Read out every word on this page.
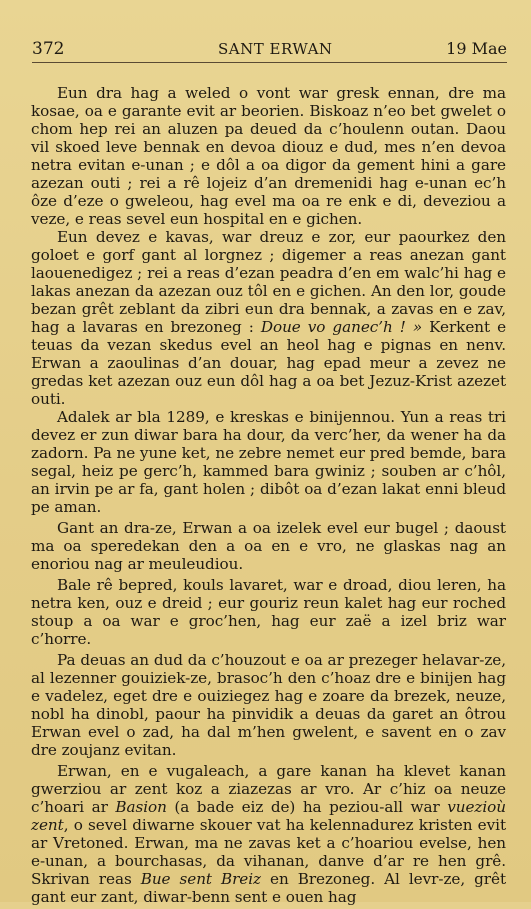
372	SANT ERWAN	19 Mae

Eun dra hag a weled o vont war gresk ennan, dre ma kosae, oa e garante evit ar beorien. Biskoaz n’eo bet gwelet o chom hep rei an aluzen pa deued da c’houlenn outan. Daou vil skoed leve bennak en devoa diouz e dud, mes n’en devoa netra evitan e-unan ; e dôl a oa digor da gement hini a gare azezan outi ; rei a rê lojeiz d’an dremenidi hag e-unan ec’h ôze d’eze o gweleou, hag evel ma oa re enk e di, deveziou a veze, e reas sevel eun hospital en e gichen.

Eun devez e kavas, war dreuz e zor, eur paourkez den goloet e gorf gant al lorgnez ; digemer a reas anezan gant laouenedigez ; rei a reas d’ezan peadra d’en em walc’hi hag e lakas anezan da azezan ouz tôl en e gichen. An den lor, goude bezan grêt zeblant da zibri eun dra bennak, a zavas en e zav, hag a lavaras en brezoneg : Doue vo ganec’h ! » Kerkent e teuas da vezan skedus evel an heol hag e pignas en nenv. Erwan a zaoulinas d’an douar, hag epad meur a zevez ne gredas ket azezan ouz eun dôl hag a oa bet Jezuz-Krist azezet outi.

Adalek ar bla 1289, e kreskas e binijennou. Yun a reas tri devez er zun diwar bara ha dour, da verc’her, da wener ha da zadorn. Pa ne yune ket, ne zebre nemet eur pred bemde, bara segal, heiz pe gerc’h, kammed bara gwiniz ; souben ar c’hôl, an irvin pe ar fa, gant holen ; dibôt oa d’ezan lakat enni bleud pe aman.

Gant an dra-ze, Erwan a oa izelek evel eur bugel ; daoust ma oa speredekan den a oa en e vro, ne glaskas nag an enoriou nag ar meuleudiou.

Bale rê bepred, kouls lavaret, war e droad, diou leren, ha netra ken, ouz e dreid ; eur gouriz reun kalet hag eur roched stoup a oa war e groc’hen, hag eur zaë a izel briz war c’horre.

Pa deuas an dud da c’houzout e oa ar prezeger helavar-ze, al lezenner gouiziek-ze, brasoc’h den c’hoaz dre e binijen hag e vadelez, eget dre e ouiziegez hag e zoare da brezek, neuze, nobl ha dinobl, paour ha pinvidik a deuas da garet an ôtrou Erwan evel o zad, ha dal m’hen gwelent, e savent en o zav dre zoujanz evitan.

Erwan, en e vugaleach, a gare kanan ha klevet kanan gwerziou ar zent koz a ziazezas ar vro. Ar c’hiz oa neuze c’hoari ar Basion (a bade eiz de) ha peziou-all war vuezioù zent, o sevel diwarne skouer vat ha kelennadurez kristen evit ar Vretoned. Erwan, ma ne zavas ket a c’hoariou evelse, hen e-unan, a bourchasas, da vihanan, danve d’ar re hen grê. Skrivan reas Bue sent Breiz en Brezoneg. Al levr-ze, grêt gant eur zant, diwar-benn sent e ouen hag
